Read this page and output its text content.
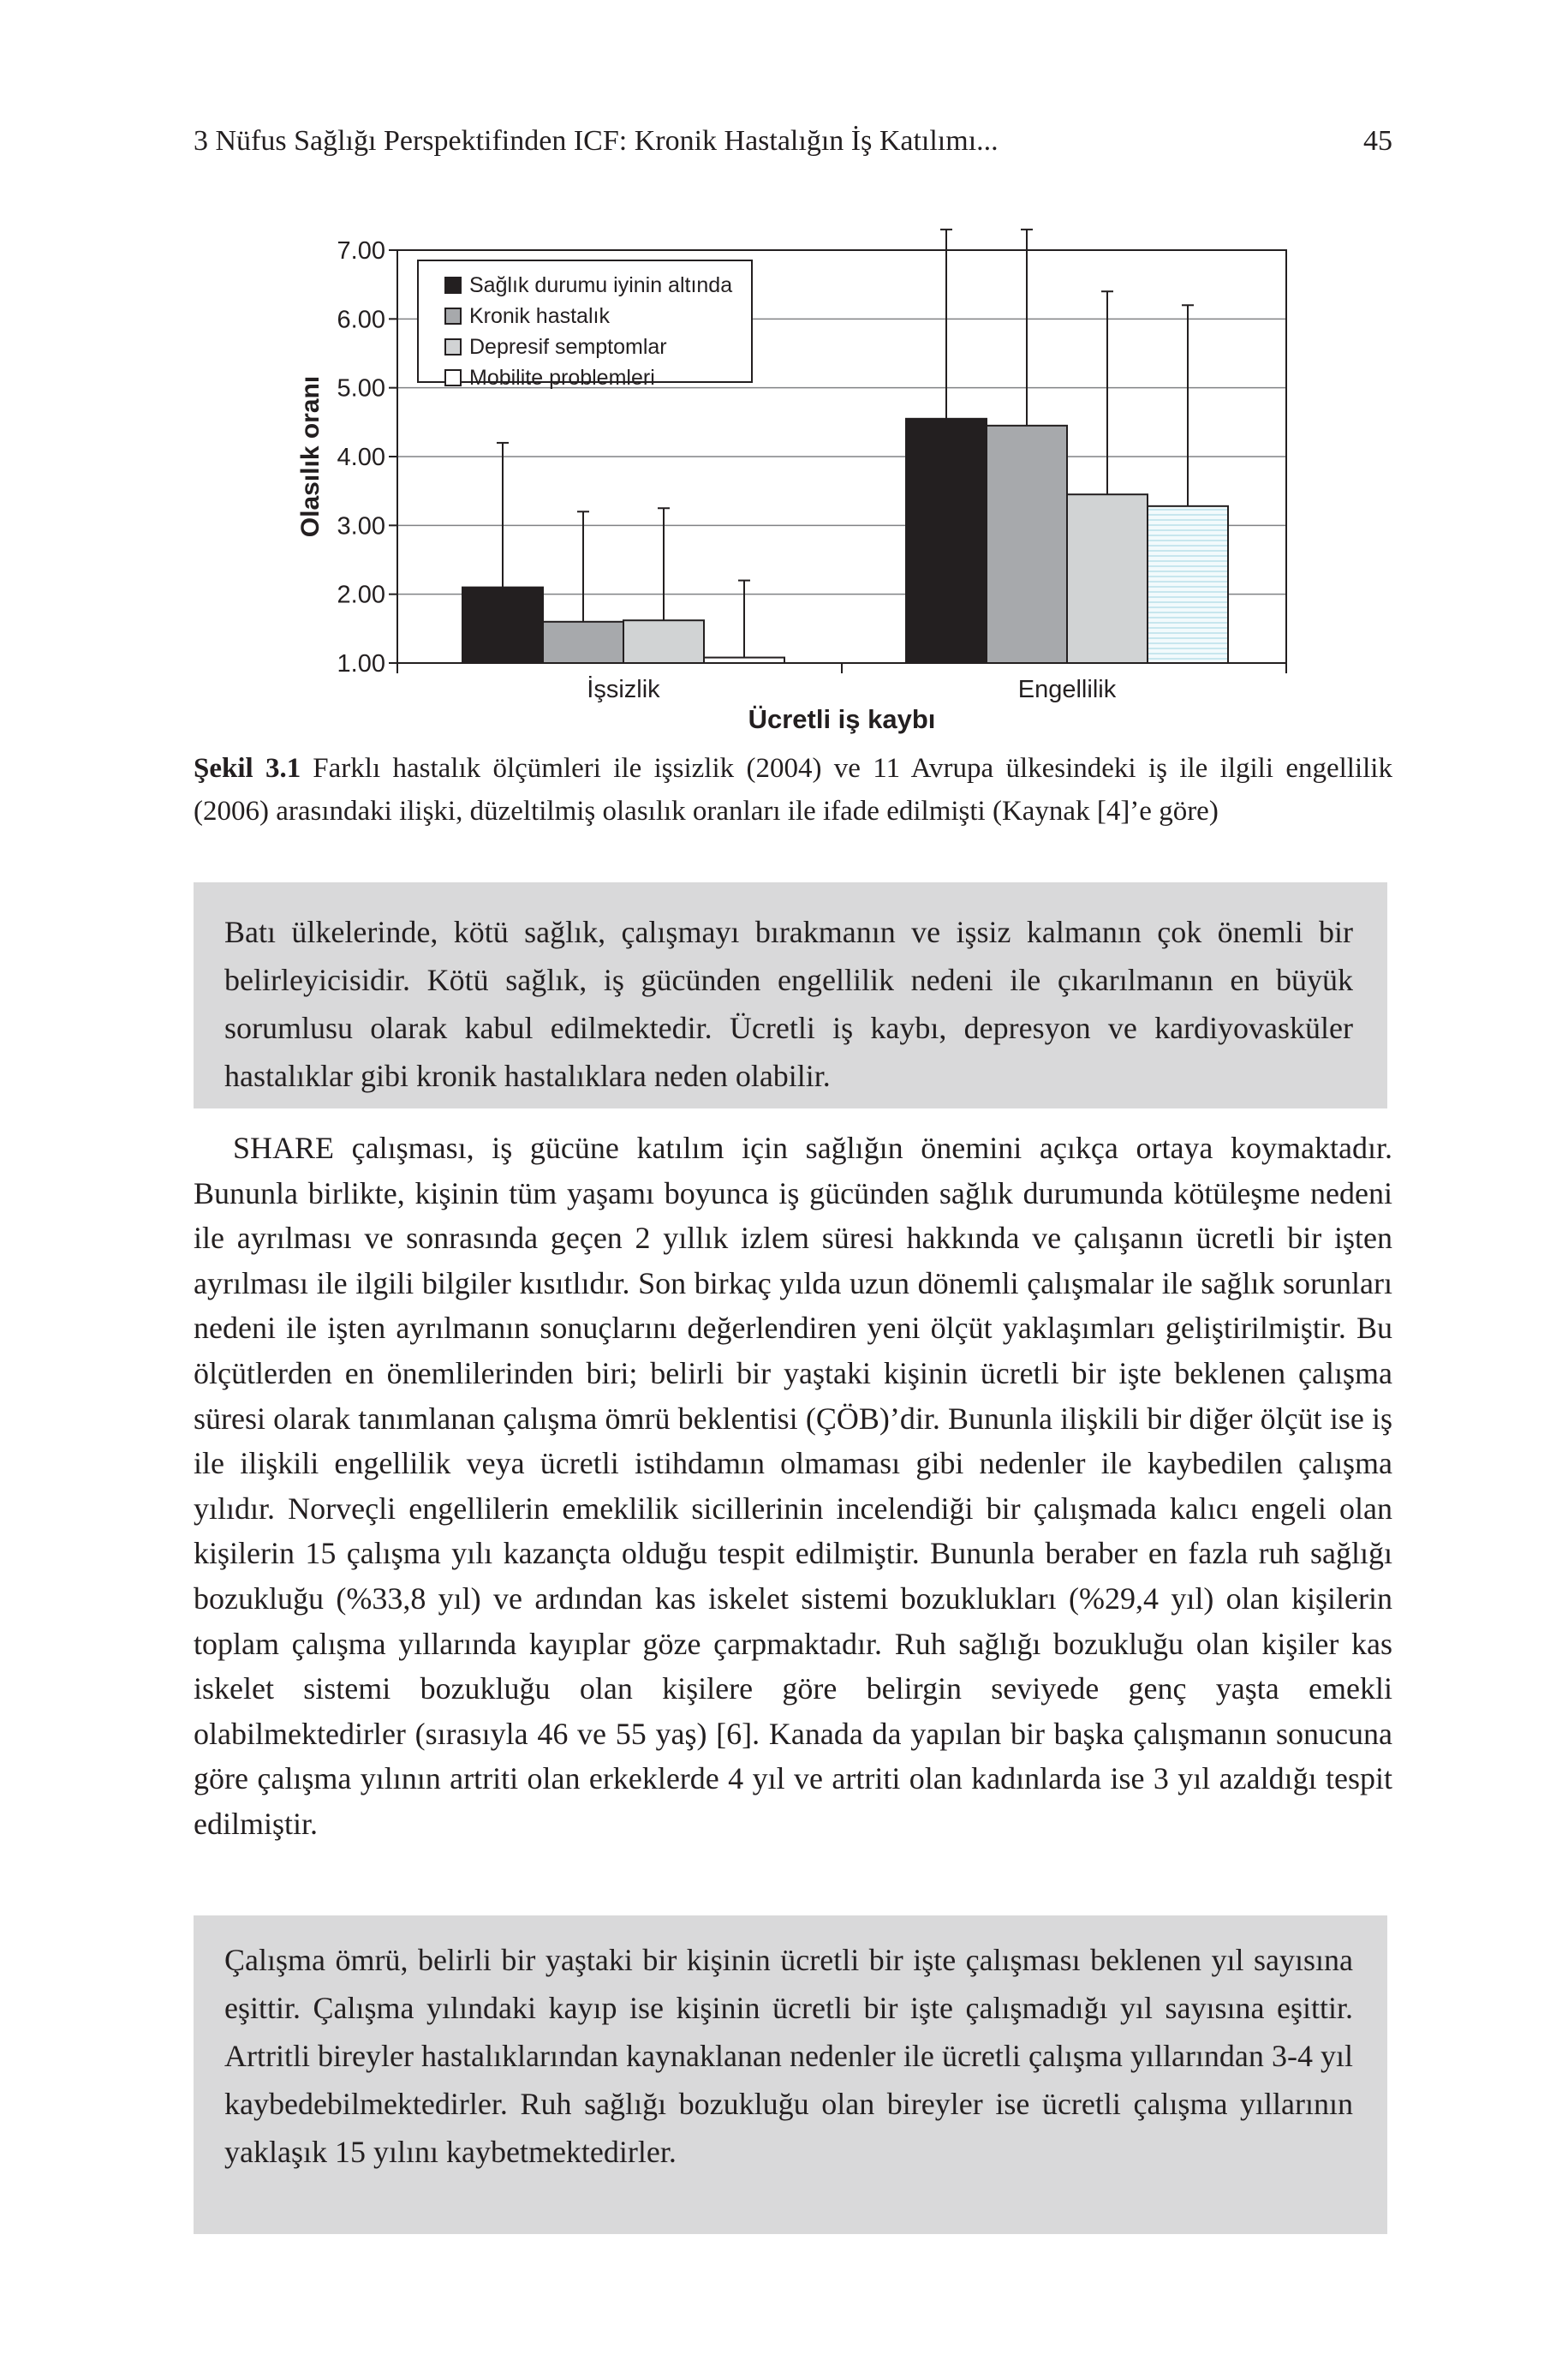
3 Nüfus Sağlığı Perspektifinden ICF: Kronik Hastalığın İş Katılımı...	45
1.00
2.00
3.00
4.00
5.00
6.00
7.00
İşsizlik	Engellilik
Sağlık durumu iyinin altında
Kronik hastalık
Depresif semptomlar
Mobilite problemleri
Olasılık oranı
Ücretli iş kaybı
Şekil 3.1 Farklı hastalık ölçümleri ile işsizlik (2004) ve 11 Avrupa ülkesindeki iş ile ilgili engellilik (2006) arasındaki ilişki, düzeltilmiş olasılık oranları ile ifade edilmişti (Kaynak [4]’e göre)
Batı ülkelerinde, kötü sağlık, çalışmayı bırakmanın ve işsiz kalmanın çok önemli bir belirleyicisidir. Kötü sağlık, iş gücünden engellilik nedeni ile çıkarılmanın en büyük sorumlusu olarak kabul edilmektedir. Ücretli iş kaybı, depresyon ve kardiyovasküler hastalıklar gibi kronik hastalıklara neden olabilir.
SHARE çalışması, iş gücüne katılım için sağlığın önemini açıkça ortaya koymaktadır. Bununla birlikte, kişinin tüm yaşamı boyunca iş gücünden sağlık durumunda kötüleşme nedeni ile ayrılması ve sonrasında geçen 2 yıllık izlem süresi hakkında ve çalışanın ücretli bir işten ayrılması ile ilgili bilgiler kısıtlıdır. Son birkaç yılda uzun dönemli çalışmalar ile sağlık sorunları nedeni ile işten ayrılmanın sonuçlarını değerlendiren yeni ölçüt yaklaşımları geliştirilmiştir. Bu ölçütlerden en önemlilerinden biri; belirli bir yaştaki kişinin ücretli bir işte beklenen çalışma süresi olarak tanımlanan çalışma ömrü beklentisi (ÇÖB)’dir. Bununla ilişkili bir diğer ölçüt ise iş ile ilişkili engellilik veya ücretli istihdamın olmaması gibi nedenler ile kaybedilen çalışma yılıdır. Norveçli engellilerin emeklilik sicillerinin incelendiği bir çalışmada kalıcı engeli olan kişilerin 15 çalışma yılı kazançta olduğu tespit edilmiştir. Bununla beraber en fazla ruh sağlığı bozukluğu (%33,8 yıl) ve ardından kas iskelet sistemi bozuklukları (%29,4 yıl) olan kişilerin toplam çalışma yıllarında kayıplar göze çarpmaktadır. Ruh sağlığı bozukluğu olan kişiler kas iskelet sistemi bozukluğu olan kişilere göre belirgin seviyede genç yaşta emekli olabilmektedirler (sırasıyla 46 ve 55 yaş) [6]. Kanada da yapılan bir başka çalışmanın sonucuna göre çalışma yılının artriti olan erkeklerde 4 yıl ve artriti olan kadınlarda ise 3 yıl azaldığı tespit edilmiştir.
Çalışma ömrü, belirli bir yaştaki bir kişinin ücretli bir işte çalışması beklenen yıl sayısına eşittir. Çalışma yılındaki kayıp ise kişinin ücretli bir işte çalışmadığı yıl sayısına eşittir. Artritli bireyler hastalıklarından kaynaklanan nedenler ile ücretli çalışma yıllarından 3-4 yıl kaybedebilmektedirler. Ruh sağlığı bozukluğu olan bireyler ise ücretli çalışma yıllarının yaklaşık 15 yılını kaybetmektedirler.
